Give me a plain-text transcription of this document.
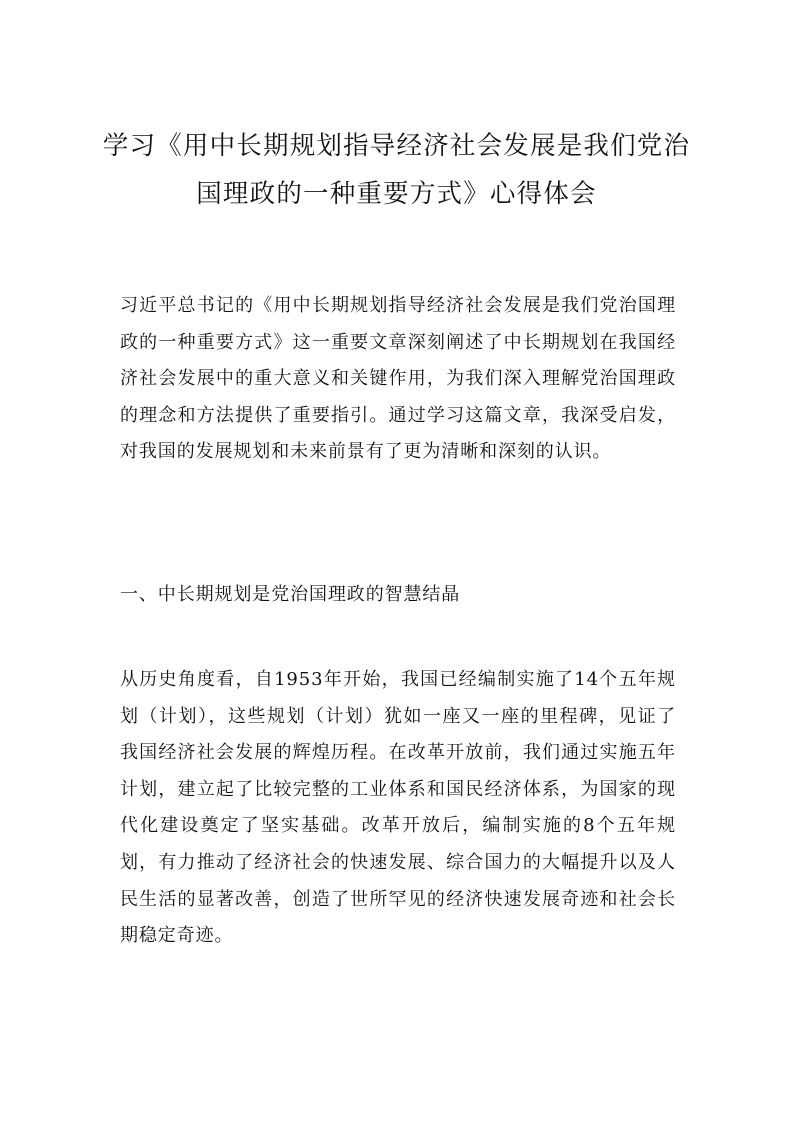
学习《用中长期规划指导经济社会发展是我们党治国理政的一种重要方式》心得体会

习近平总书记的《用中长期规划指导经济社会发展是我们党治国理政的一种重要方式》这一重要文章深刻阐述了中长期规划在我国经济社会发展中的重大意义和关键作用，为我们深入理解党治国理政的理念和方法提供了重要指引。通过学习这篇文章，我深受启发，对我国的发展规划和未来前景有了更为清晰和深刻的认识。

一、中长期规划是党治国理政的智慧结晶

从历史角度看，自1953年开始，我国已经编制实施了14个五年规划（计划），这些规划（计划）犹如一座又一座的里程碑，见证了我国经济社会发展的辉煌历程。在改革开放前，我们通过实施五年计划，建立起了比较完整的工业体系和国民经济体系，为国家的现代化建设奠定了坚实基础。改革开放后，编制实施的8个五年规划，有力推动了经济社会的快速发展、综合国力的大幅提升以及人民生活的显著改善，创造了世所罕见的经济快速发展奇迹和社会长期稳定奇迹。
